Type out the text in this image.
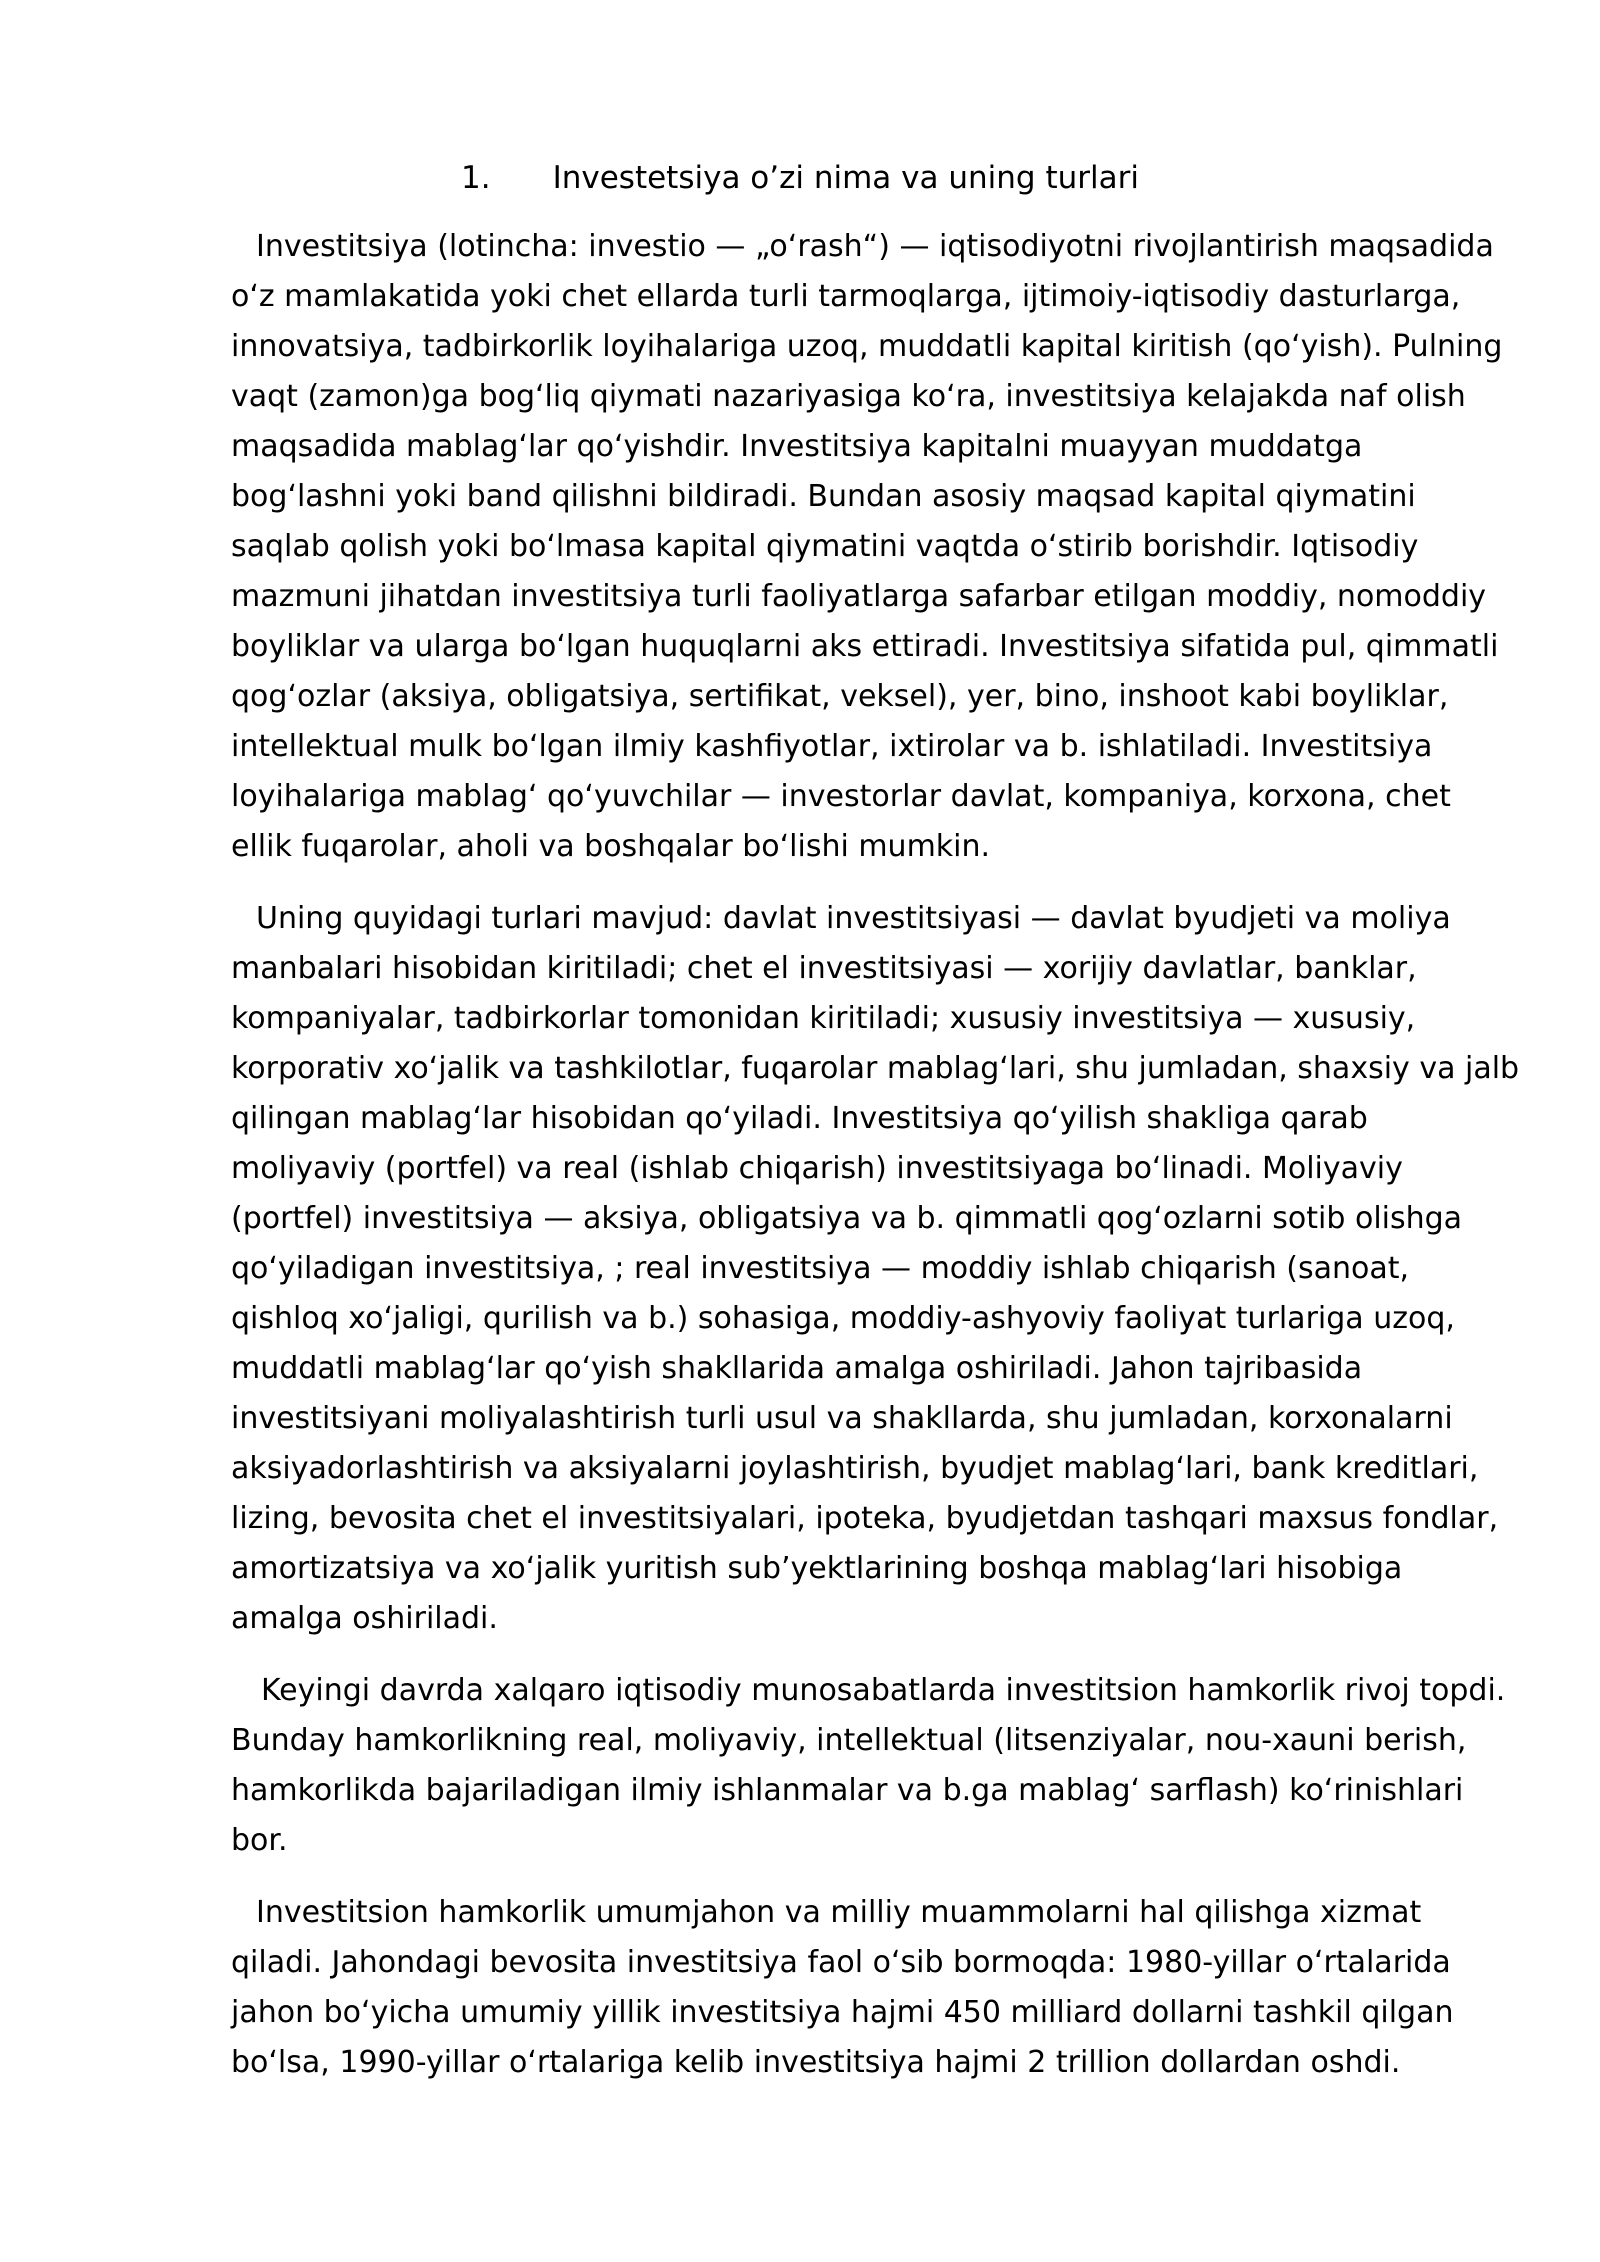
1. Investetsiya o’zi nima va uning turlari

Investitsiya (lotincha: investio — „oʻrash“) — iqtisodiyotni rivojlantirish maqsadida oʻz mamlakatida yoki chet ellarda turli tarmoqlarga, ijtimoiy-iqtisodiy dasturlarga, innovatsiya, tadbirkorlik loyihalariga uzoq, muddatli kapital kiritish (qoʻyish). Pulning vaqt (zamon)ga bogʻliq qiymati nazariyasiga koʻra, investitsiya kelajakda naf olish maqsadida mablagʻlar qoʻyishdir. Investitsiya kapitalni muayyan muddatga bogʻlashni yoki band qilishni bildiradi. Bundan asosiy maqsad kapital qiymatini saqlab qolish yoki boʻlmasa kapital qiymatini vaqtda oʻstirib borishdir. Iqtisodiy mazmuni jihatdan investitsiya turli faoliyatlarga safarbar etilgan moddiy, nomoddiy boyliklar va ularga boʻlgan huquqlarni aks ettiradi. Investitsiya sifatida pul, qimmatli qogʻozlar (aksiya, obligatsiya, sertifikat, veksel), yer, bino, inshoot kabi boyliklar, intellektual mulk boʻlgan ilmiy kashfiyotlar, ixtirolar va b. ishlatiladi. Investitsiya loyihalariga mablagʻ qoʻyuvchilar — investorlar davlat, kompaniya, korxona, chet ellik fuqarolar, aholi va boshqalar boʻlishi mumkin.

Uning quyidagi turlari mavjud: davlat investitsiyasi — davlat byudjeti va moliya manbalari hisobidan kiritiladi; chet el investitsiyasi — xorijiy davlatlar, banklar, kompaniyalar, tadbirkorlar tomonidan kiritiladi; xususiy investitsiya — xususiy, korporativ xoʻjalik va tashkilotlar, fuqarolar mablagʻlari, shu jumladan, shaxsiy va jalb qilingan mablagʻlar hisobidan qoʻyiladi. Investitsiya qoʻyilish shakliga qarab moliyaviy (portfel) va real (ishlab chiqarish) investitsiyaga boʻlinadi. Moliyaviy (portfel) investitsiya — aksiya, obligatsiya va b. qimmatli qogʻozlarni sotib olishga qoʻyiladigan investitsiya, ; real investitsiya — moddiy ishlab chiqarish (sanoat, qishloq xoʻjaligi, qurilish va b.) sohasiga, moddiy-ashyoviy faoliyat turlariga uzoq, muddatli mablagʻlar qoʻyish shakllarida amalga oshiriladi. Jahon tajribasida investitsiyani moliyalashtirish turli usul va shakllarda, shu jumladan, korxonalarni aksiyadorlashtirish va aksiyalarni joylashtirish, byudjet mablagʻlari, bank kreditlari, lizing, bevosita chet el investitsiyalari, ipoteka, byudjetdan tashqari maxsus fondlar, amortizatsiya va xoʻjalik yuritish sub’yektlarining boshqa mablagʻlari hisobiga amalga oshiriladi.

Keyingi davrda xalqaro iqtisodiy munosabatlarda investitsion hamkorlik rivoj topdi. Bunday hamkorlikning real, moliyaviy, intellektual (litsenziyalar, nou-xauni berish, hamkorlikda bajariladigan ilmiy ishlanmalar va b.ga mablagʻ sarflash) koʻrinishlari bor.

Investitsion hamkorlik umumjahon va milliy muammolarni hal qilishga xizmat qiladi. Jahondagi bevosita investitsiya faol oʻsib bormoqda: 1980-yillar oʻrtalarida jahon boʻyicha umumiy yillik investitsiya hajmi 450 milliard dollarni tashkil qilgan boʻlsa, 1990-yillar oʻrtalariga kelib investitsiya hajmi 2 trillion dollardan oshdi.
